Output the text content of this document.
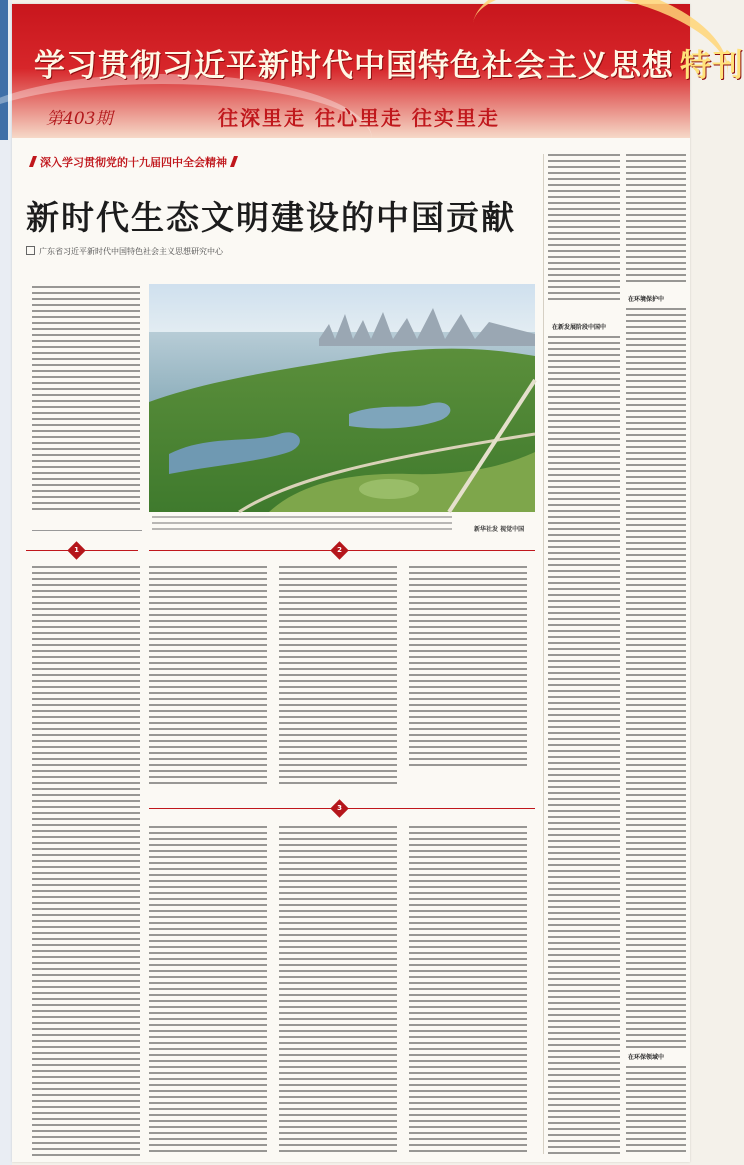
学习贯彻习近平新时代中国特色社会主义思想 特刊
第403期	往深里走 往心里走 往实里走
深入学习贯彻党的十九届四中全会精神
新时代生态文明建设的中国贡献
广东省习近平新时代中国特色社会主义思想研究中心
新华社发 视觉中国
1	2
3
在新发展阶段中国中
在环境保护中
在环保领域中
